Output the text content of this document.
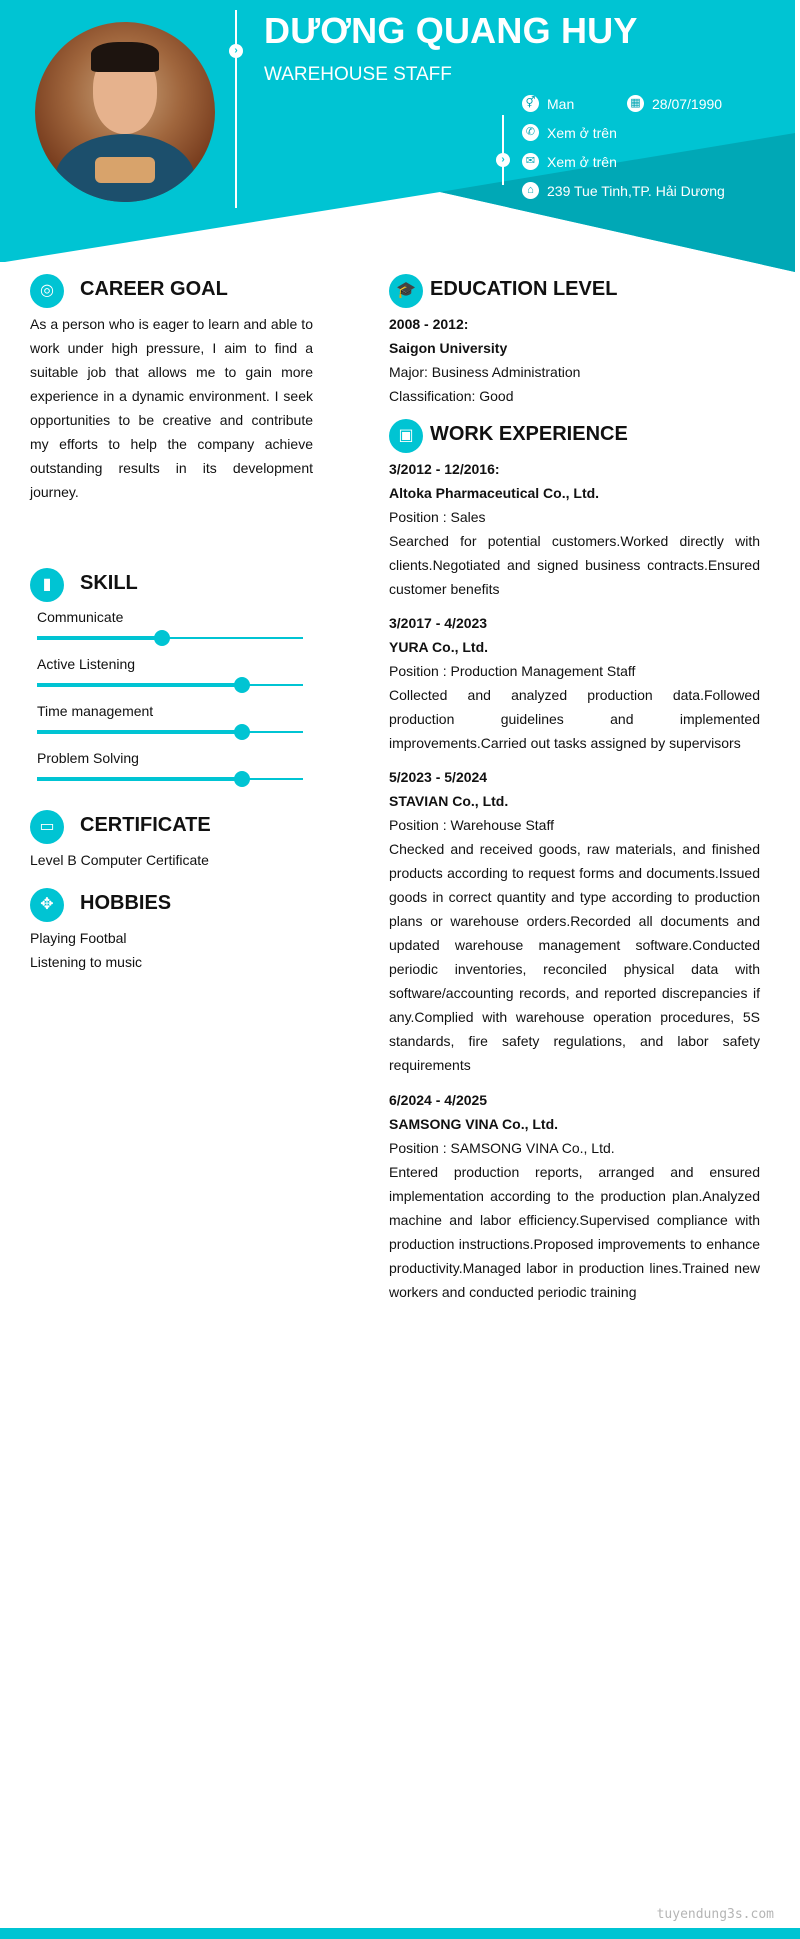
›
›
DƯƠNG QUANG HUY
WAREHOUSE STAFF
⚥ Man	▦ 28/07/1990
✆ Xem ở trên
✉ Xem ở trên
⌂ 239 Tue Tinh,TP. Hải Dương
◎	CAREER GOAL
As a person who is eager to learn and able to work under high pressure, I aim to find a suitable job that allows me to gain more experience in a dynamic environment. I seek opportunities to be creative and contribute my efforts to help the company achieve outstanding results in its development journey.
▮	SKILL
Communicate
Active Listening
Time management
Problem Solving
▭	CERTIFICATE
Level B Computer Certificate
✥	HOBBIES
Playing Footbal
Listening to music
🎓 EDUCATION LEVEL
2008 - 2012:
Saigon University
Major: Business Administration
Classification: Good
▣ WORK EXPERIENCE
3/2012 - 12/2016:
Altoka Pharmaceutical Co., Ltd.
Position : Sales
Searched for potential customers.Worked directly with clients.Negotiated and signed business contracts.Ensured customer benefits
3/2017 - 4/2023
YURA Co., Ltd.
Position : Production Management Staff
Collected and analyzed production data.Followed production guidelines and implemented improvements.Carried out tasks assigned by supervisors
5/2023 - 5/2024
STAVIAN Co., Ltd.
Position : Warehouse Staff
Checked and received goods, raw materials, and finished products according to request forms and documents.Issued goods in correct quantity and type according to production plans or warehouse orders.Recorded all documents and updated warehouse management software.Conducted periodic inventories, reconciled physical data with software/accounting records, and reported discrepancies if any.Complied with warehouse operation procedures, 5S standards, fire safety regulations, and labor safety requirements
6/2024 - 4/2025
SAMSONG VINA Co., Ltd.
Position : SAMSONG VINA Co., Ltd.
Entered production reports, arranged and ensured implementation according to the production plan.Analyzed machine and labor efficiency.Supervised compliance with production instructions.Proposed improvements to enhance productivity.Managed labor in production lines.Trained new workers and conducted periodic training
tuyendung3s.com
